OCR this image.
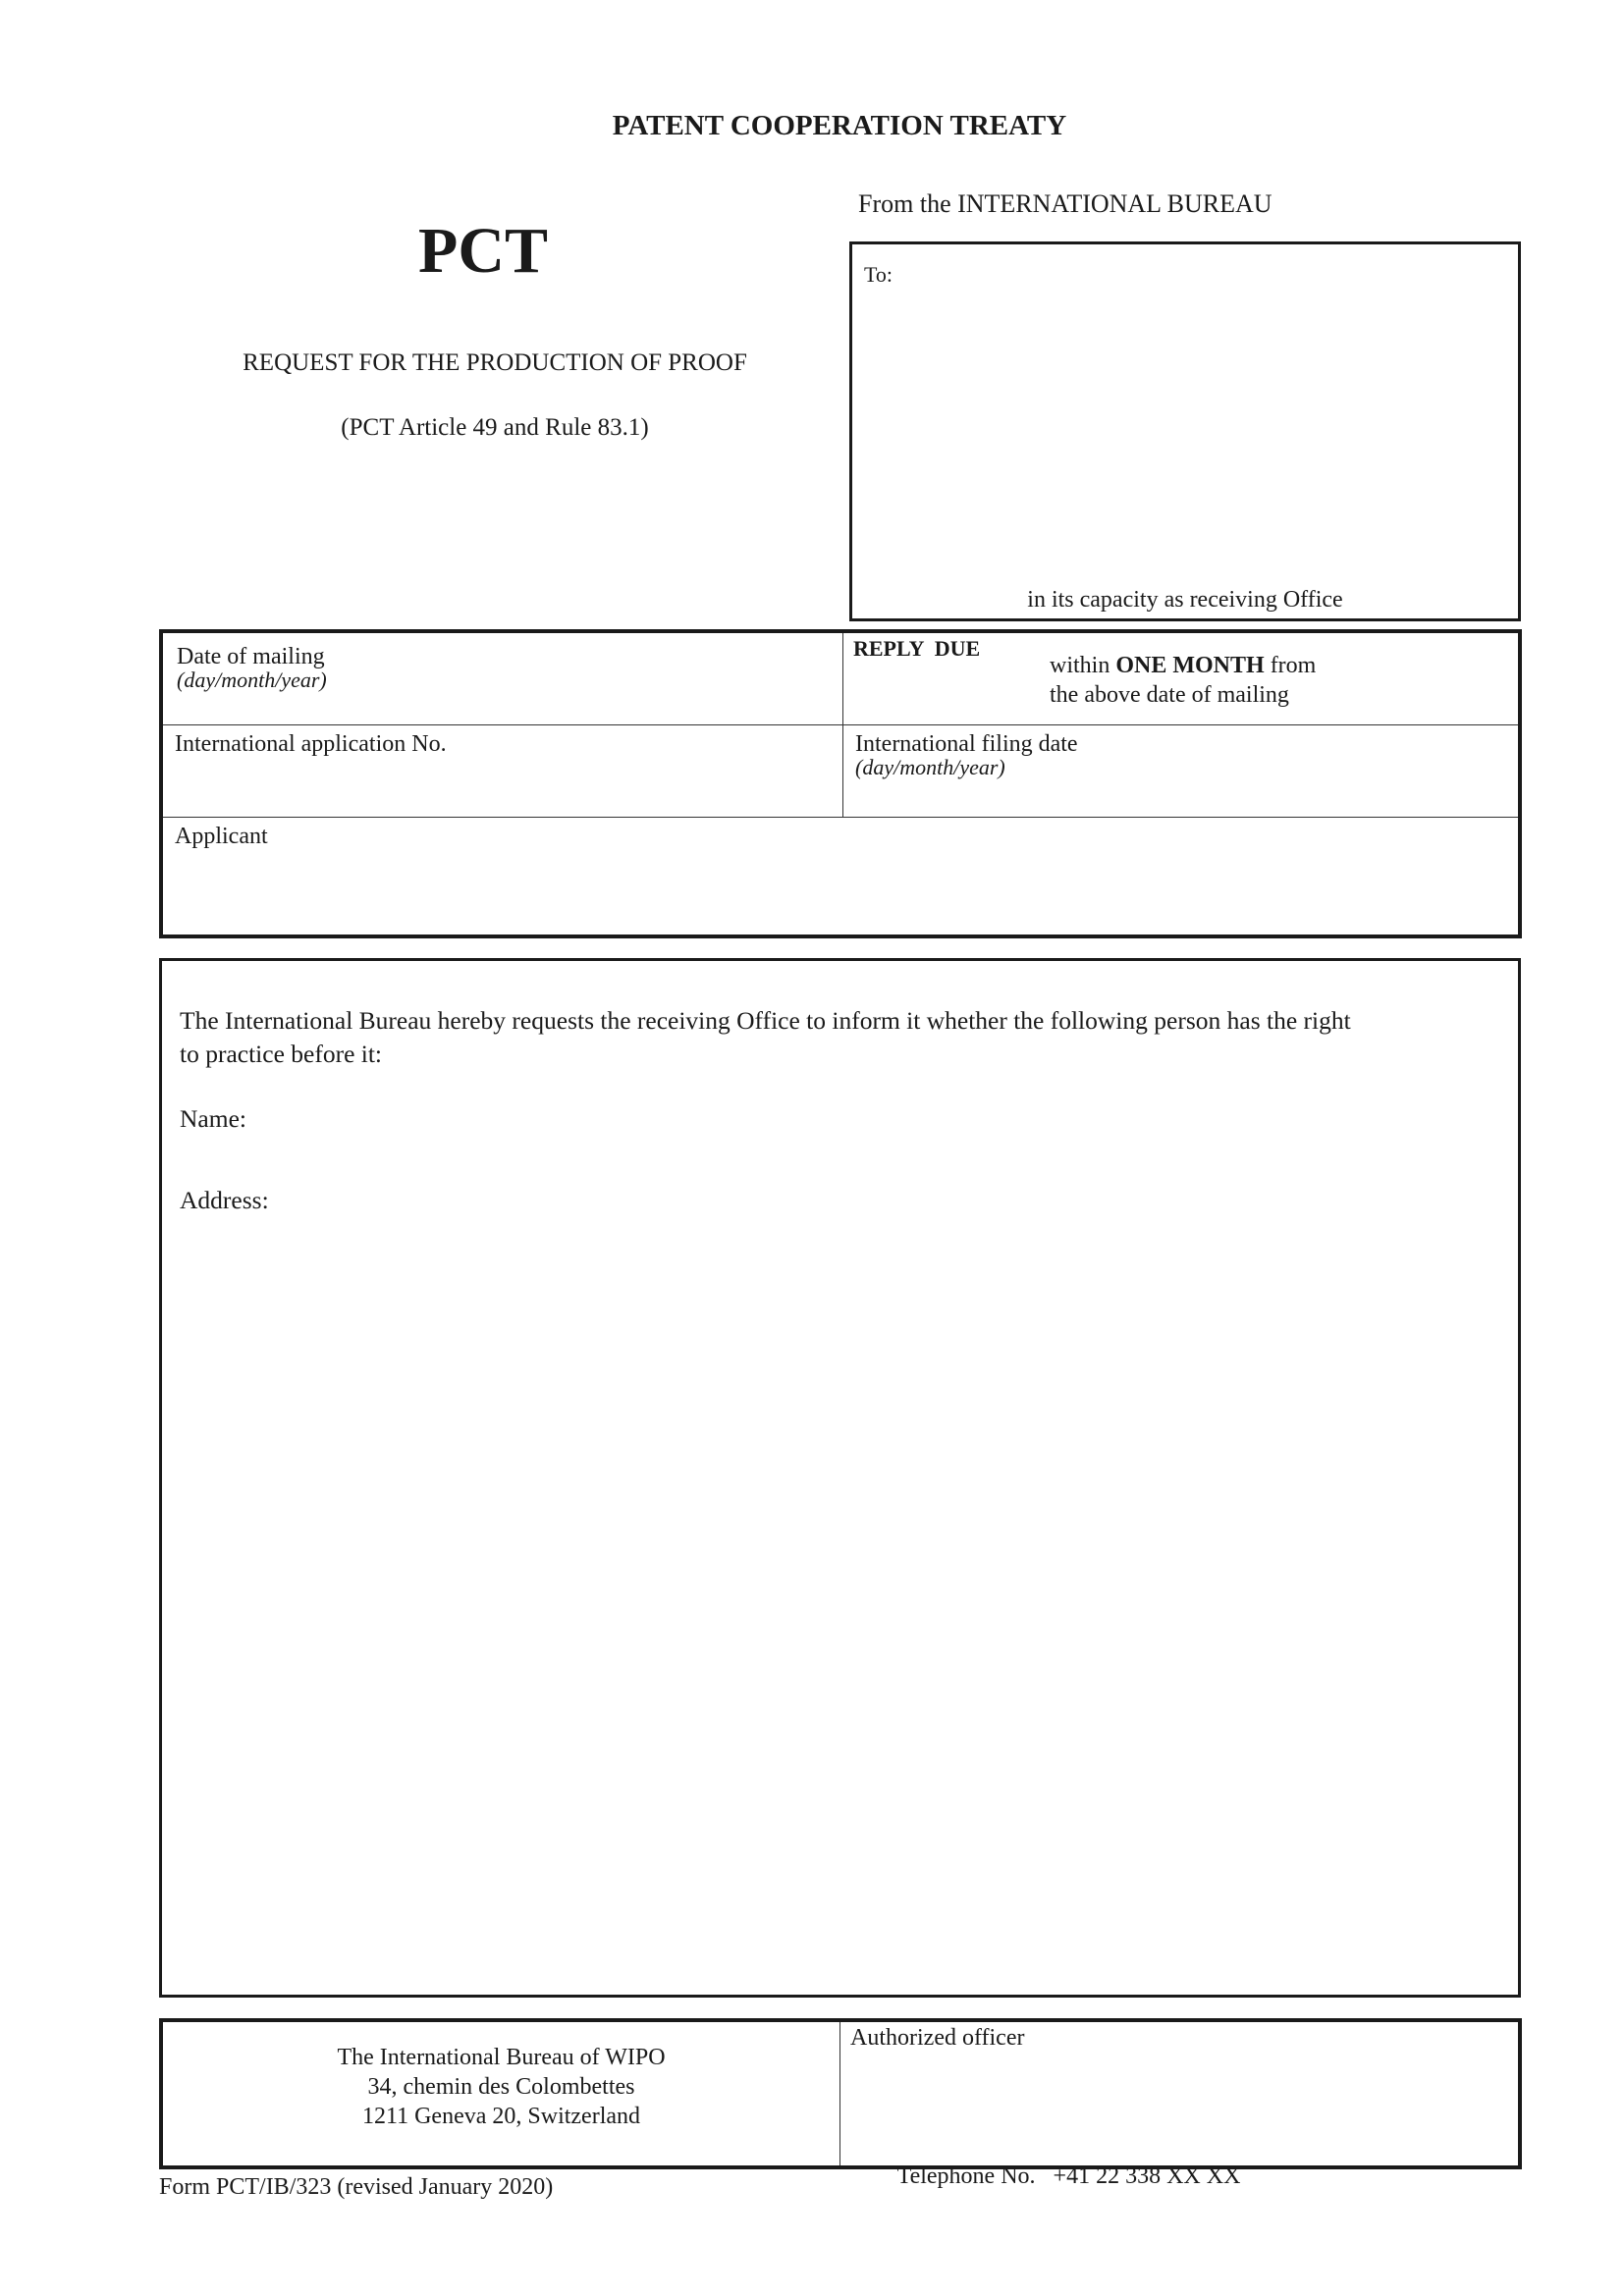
PATENT COOPERATION TREATY
PCT
REQUEST FOR THE PRODUCTION OF PROOF
(PCT Article 49 and Rule 83.1)
From the INTERNATIONAL BUREAU
To:
in its capacity as receiving Office
Date of mailing
(day/month/year)
REPLY  DUE
within ONE MONTH from
the above date of mailing
International application No.	International filing date
(day/month/year)
Applicant
The International Bureau hereby requests the receiving Office to inform it whether the following person has the right
to practice before it:
Name:
Address:
The International Bureau of WIPO
34, chemin des Colombettes
1211 Geneva 20, Switzerland
Authorized officer

Telephone No. +41 22 338 XX XX

Form PCT/IB/323 (revised January 2020)
